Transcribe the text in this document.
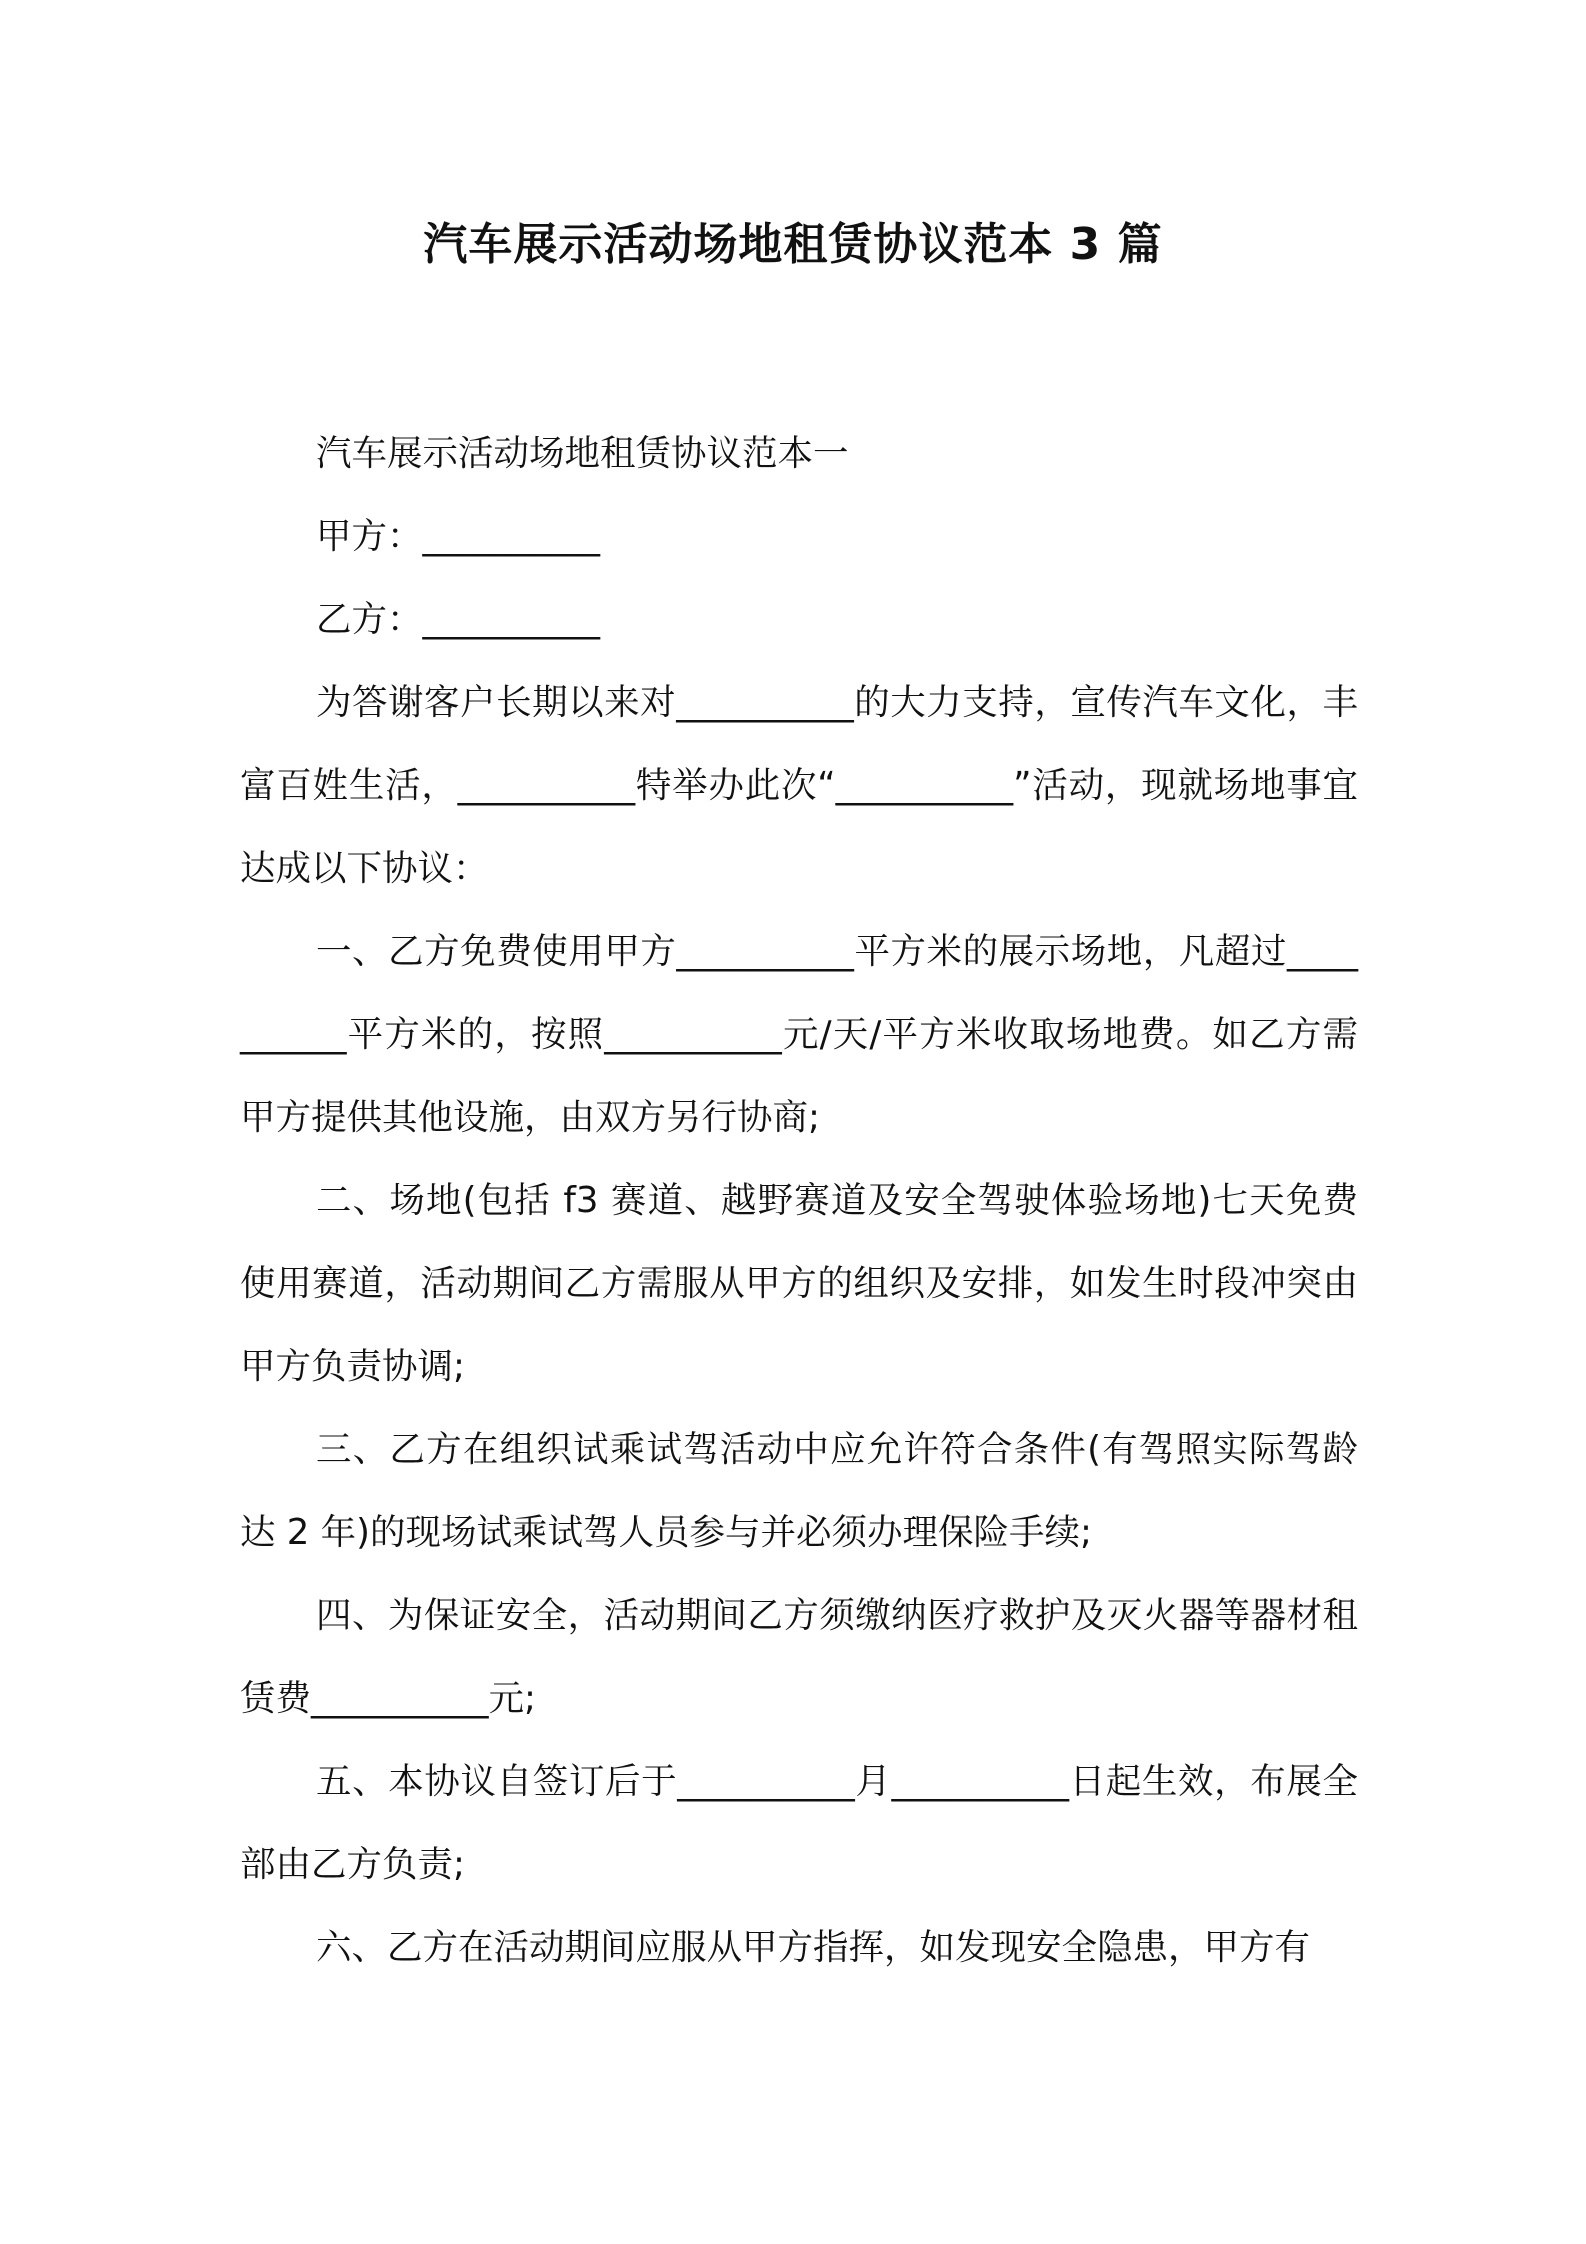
汽车展示活动场地租赁协议范本 3 篇

汽车展示活动场地租赁协议范本一

甲方：__________

乙方：__________

为答谢客户长期以来对__________的大力支持，宣传汽车文化，丰富百姓生活，__________特举办此次“__________”活动，现就场地事宜达成以下协议：

一、乙方免费使用甲方__________平方米的展示场地，凡超过__________平方米的，按照__________元/天/平方米收取场地费。如乙方需甲方提供其他设施，由双方另行协商;

二、场地(包括 f3 赛道、越野赛道及安全驾驶体验场地)七天免费使用赛道，活动期间乙方需服从甲方的组织及安排，如发生时段冲突由甲方负责协调;

三、乙方在组织试乘试驾活动中应允许符合条件(有驾照实际驾龄达 2 年)的现场试乘试驾人员参与并必须办理保险手续;

四、为保证安全，活动期间乙方须缴纳医疗救护及灭火器等器材租赁费__________元;

五、本协议自签订后于__________月__________日起生效，布展全部由乙方负责;

六、乙方在活动期间应服从甲方指挥，如发现安全隐患，甲方有
